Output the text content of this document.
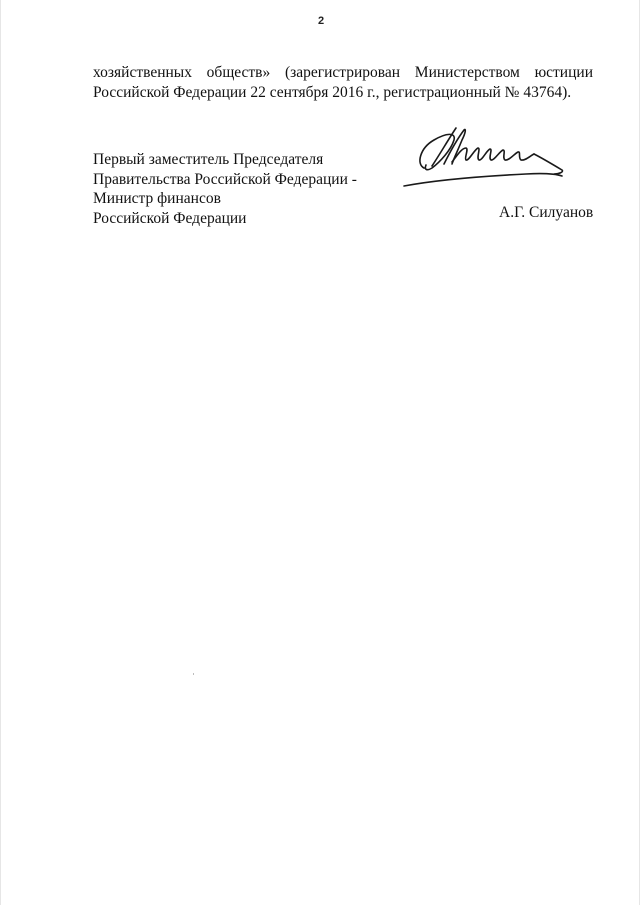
2
хозяйственных обществ» (зарегистрирован Министерством юстиции
Российской Федерации 22 сентября 2016 г., регистрационный № 43764).
Первый заместитель Председателя
Правительства Российской Федерации -
Министр финансов
Российской Федерации	А.Г. Силуанов
